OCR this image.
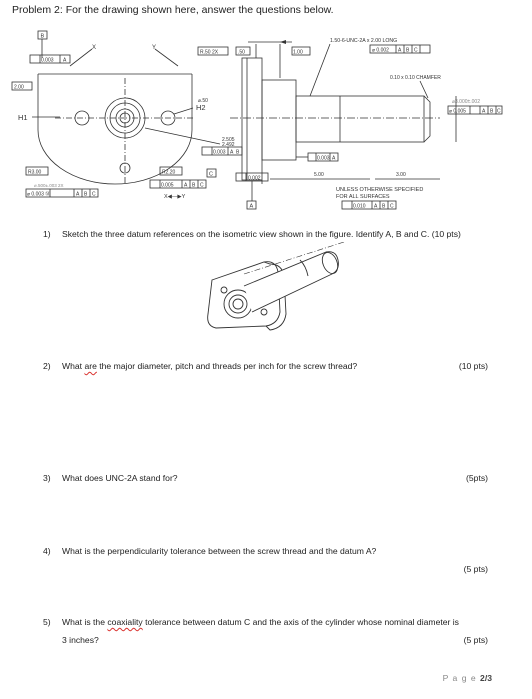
Problem 2: For the drawing shown here, answer the questions below.
B
0.003 A
X	Y
R.50 2X	.50	1.00
2.00
H1
⌀.50
H2
2.505
2.492
0.003 A B
C
R3.00	R2.20
⌀.500±.003 2X
⌀ 0.003 Ⓜ	A B C
0.005 A B C
X◀—▶Y
1.50-6-UNC-2A x 2.00 LONG
⌀ 0.002 A B C
0.10 x 0.10 CHAMFER
⌀3.000±.002
⌀ 0.005	A B C
0.003 A
0.002
A
5.00	3.00
UNLESS OTHERWISE SPECIFIED
FOR ALL SURFACES
0.010 A B C
1) Sketch the three datum references on the isometric view shown in the figure. Identify A, B and C. (10 pts)
2) What are the major diameter, pitch and threads per inch for the screw thread?	(10 pts)
3) What does UNC-2A stand for?	(5pts)
4) What is the perpendicularity tolerance between the screw thread and the datum A?
(5 pts)
5) What is the coaxiality tolerance between datum C and the axis of the cylinder whose nominal diameter is
3 inches?	(5 pts)
P a g e 2/3
